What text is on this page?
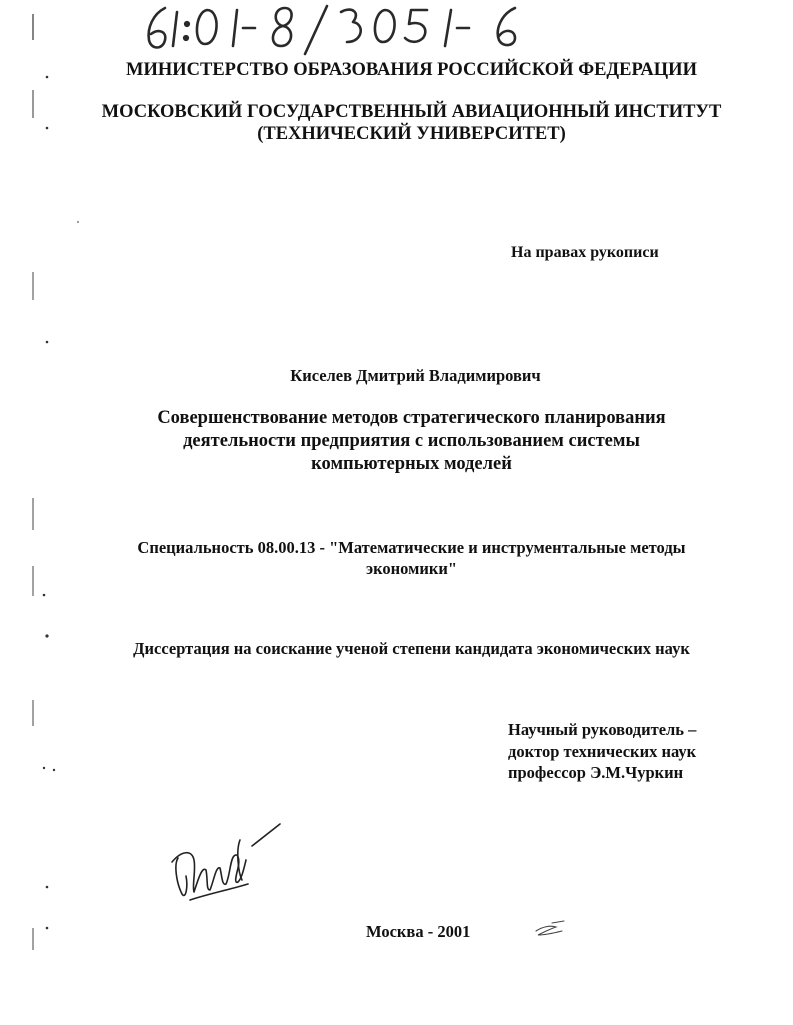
МИНИСТЕРСТВО ОБРАЗОВАНИЯ РОССИЙСКОЙ ФЕДЕРАЦИИ
МОСКОВСКИЙ ГОСУДАРСТВЕННЫЙ АВИАЦИОННЫЙ ИНСТИТУТ
(ТЕХНИЧЕСКИЙ УНИВЕРСИТЕТ)
На правах рукописи
Киселев Дмитрий Владимирович
Совершенствование методов стратегического планирования
деятельности предприятия с использованием системы
компьютерных моделей
Специальность 08.00.13 - "Математические и инструментальные методы
экономики"
Диссертация на соискание ученой степени кандидата экономических наук
Научный руководитель –
доктор технических наук
профессор Э.М.Чуркин
Москва - 2001
